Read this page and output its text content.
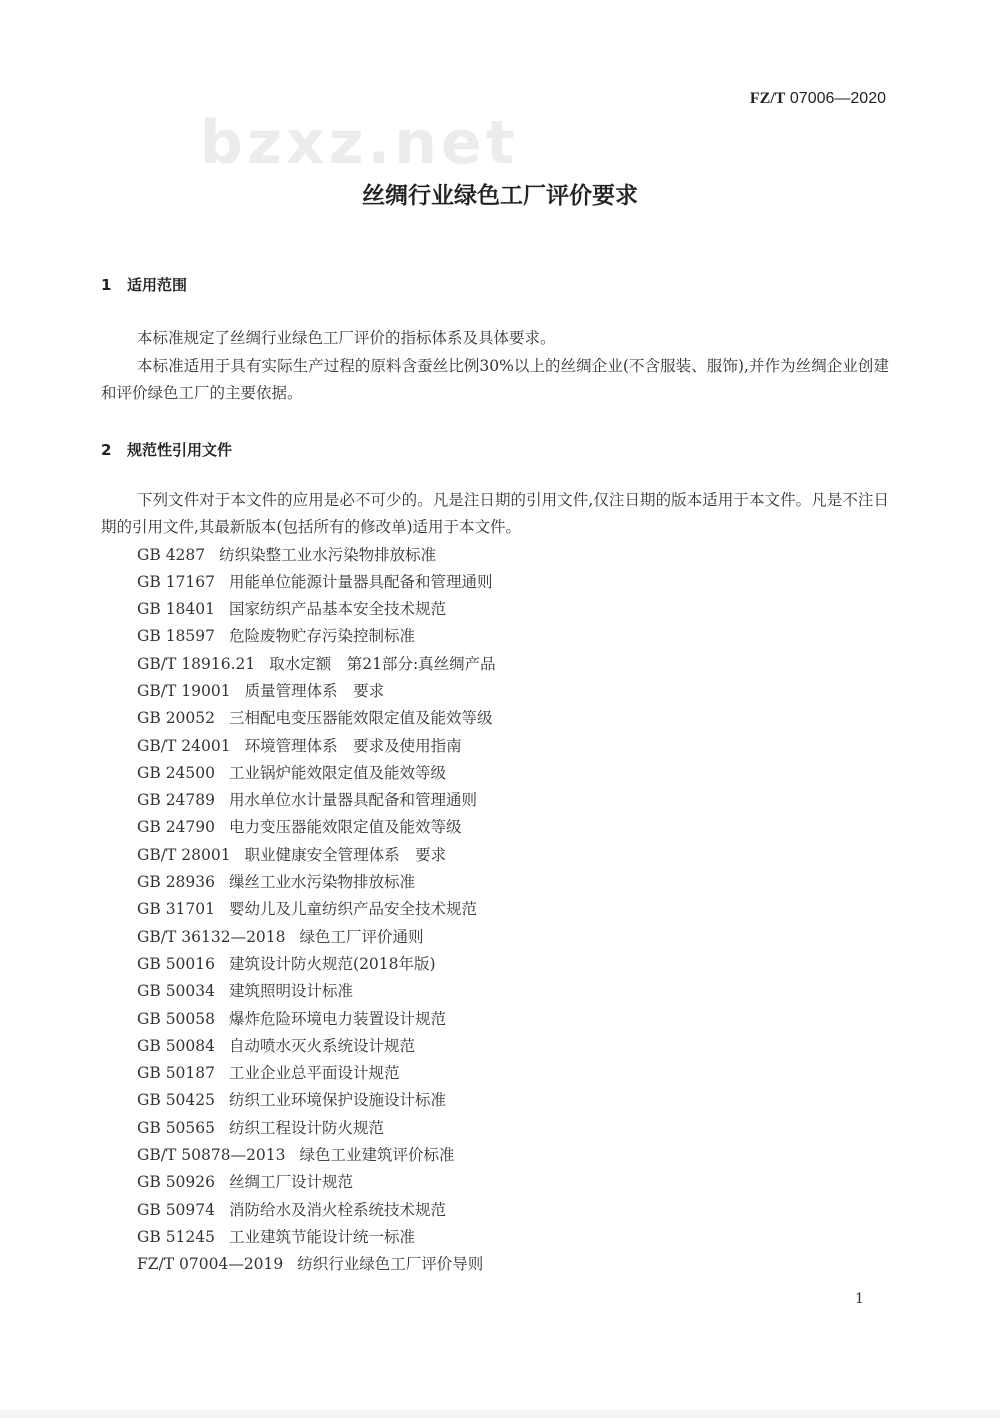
FZ/T 07006—2020
bzxz.net
丝绸行业绿色工厂评价要求
1 适用范围
本标准规定了丝绸行业绿色工厂评价的指标体系及具体要求。
本标准适用于具有实际生产过程的原料含蚕丝比例30%以上的丝绸企业(不含服装、服饰),并作为丝绸企业创建和评价绿色工厂的主要依据。
2 规范性引用文件
下列文件对于本文件的应用是必不可少的。凡是注日期的引用文件,仅注日期的版本适用于本文件。凡是不注日期的引用文件,其最新版本(包括所有的修改单)适用于本文件。
GB 4287 纺织染整工业水污染物排放标准
GB 17167 用能单位能源计量器具配备和管理通则
GB 18401 国家纺织产品基本安全技术规范
GB 18597 危险废物贮存污染控制标准
GB/T 18916.21 取水定额　第21部分:真丝绸产品
GB/T 19001 质量管理体系　要求
GB 20052 三相配电变压器能效限定值及能效等级
GB/T 24001 环境管理体系　要求及使用指南
GB 24500 工业锅炉能效限定值及能效等级
GB 24789 用水单位水计量器具配备和管理通则
GB 24790 电力变压器能效限定值及能效等级
GB/T 28001 职业健康安全管理体系　要求
GB 28936 缫丝工业水污染物排放标准
GB 31701 婴幼儿及儿童纺织产品安全技术规范
GB/T 36132—2018 绿色工厂评价通则
GB 50016 建筑设计防火规范(2018年版)
GB 50034 建筑照明设计标准
GB 50058 爆炸危险环境电力装置设计规范
GB 50084 自动喷水灭火系统设计规范
GB 50187 工业企业总平面设计规范
GB 50425 纺织工业环境保护设施设计标准
GB 50565 纺织工程设计防火规范
GB/T 50878—2013 绿色工业建筑评价标准
GB 50926 丝绸工厂设计规范
GB 50974 消防给水及消火栓系统技术规范
GB 51245 工业建筑节能设计统一标准
FZ/T 07004—2019 纺织行业绿色工厂评价导则
1
